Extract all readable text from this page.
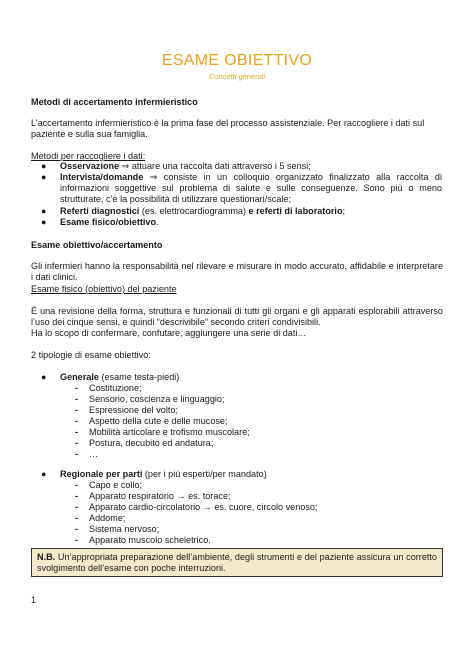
ESAME OBIETTIVO
Concetti generali
Metodi di accertamento infermieristico
L’accertamento infermieristico è la prima fase del processo assistenziale. Per raccogliere i dati sul paziente e sulla sua famiglia.
Metodi per raccogliere i dati:
● Osservazione ⇒ attuare una raccolta dati attraverso i 5 sensi;
● Intervista/domande ⇒ consiste in un colloquio organizzato finalizzato alla raccolta di informazioni soggettive sul problema di salute e sulle conseguenze. Sono più o meno strutturate, c’è la possibilità di utilizzare questionari/scale;
● Referti diagnostici (es. elettrocardiogramma) e referti di laboratorio;
● Esame fisico/obiettivo.
Esame obiettivo/accertamento
Gli infermieri hanno la responsabilità nel rilevare e misurare in modo accurato, affidabile e interpretare i dati clinici.
Esame fisico (obiettivo) del paziente
È una revisione della forma, struttura e funzionali di tutti gli organi e gli apparati esplorabili attraverso l’uso dei cinque sensi, e quindi “descrivibile” secondo criteri condivisibili.
Ha lo scopo di confermare, confutare, aggiungere una serie di dati…
2 tipologie di esame obiettivo:
● Generale (esame testa-piedi)
- Costituzione;
- Sensorio, coscienza e linguaggio;
- Espressione del volto;
- Aspetto della cute e delle mucose;
- Mobilità articolare e trofismo muscolare;
- Postura, decubito ed andatura;
- …
● Regionale per parti (per i più esperti/per mandato)
- Capo e collo;
- Apparato respiratorio → es. torace;
- Apparato cardio-circolatorio → es. cuore, circolo venoso;
N.B. Un’appropriata preparazione dell’ambiente, degli strumenti e del paziente assicura un corretto svolgimento dell’esame con poche interruzioni.
1
- Addome;
- Sistema nervoso;
- Apparato muscolo scheletrico.
